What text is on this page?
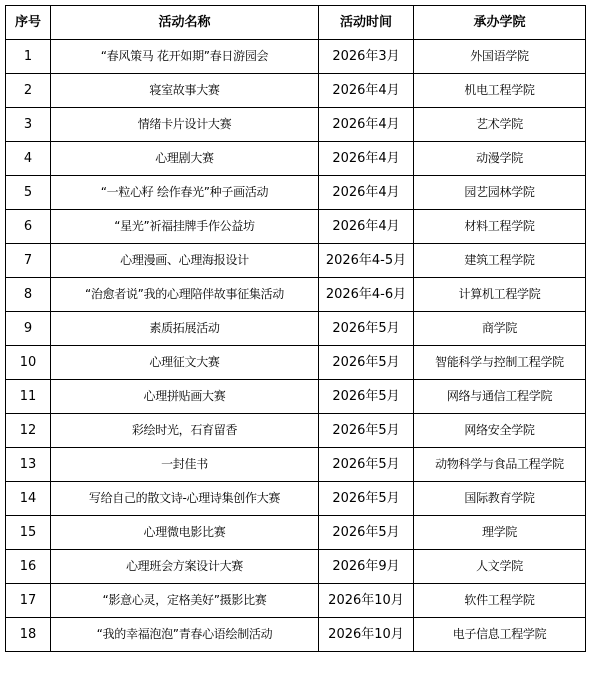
序号	活动名称	活动时间	承办学院
1	“春风策马 花开如期”春日游园会	2026年3月	外国语学院
2	寝室故事大赛	2026年4月	机电工程学院
3	情绪卡片设计大赛	2026年4月	艺术学院
4	心理剧大赛	2026年4月	动漫学院
5	“一粒心籽 绘作春光”种子画活动	2026年4月	园艺园林学院
6	“星光”祈福挂牌手作公益坊	2026年4月	材料工程学院
7	心理漫画、心理海报设计	2026年4-5月	建筑工程学院
8	“治愈者说”我的心理陪伴故事征集活动	2026年4-6月	计算机工程学院
9	素质拓展活动	2026年5月	商学院
10	心理征文大赛	2026年5月	智能科学与控制工程学院
11	心理拼贴画大赛	2026年5月	网络与通信工程学院
12	彩绘时光，石育留香	2026年5月	网络安全学院
13	一封佳书	2026年5月	动物科学与食品工程学院
14	写给自己的散文诗-心理诗集创作大赛	2026年5月	国际教育学院
15	心理微电影比赛	2026年5月	理学院
16	心理班会方案设计大赛	2026年9月	人文学院
17	“影意心灵，定格美好”摄影比赛	2026年10月	软件工程学院
18	“我的幸福泡泡”青春心语绘制活动	2026年10月	电子信息工程学院
